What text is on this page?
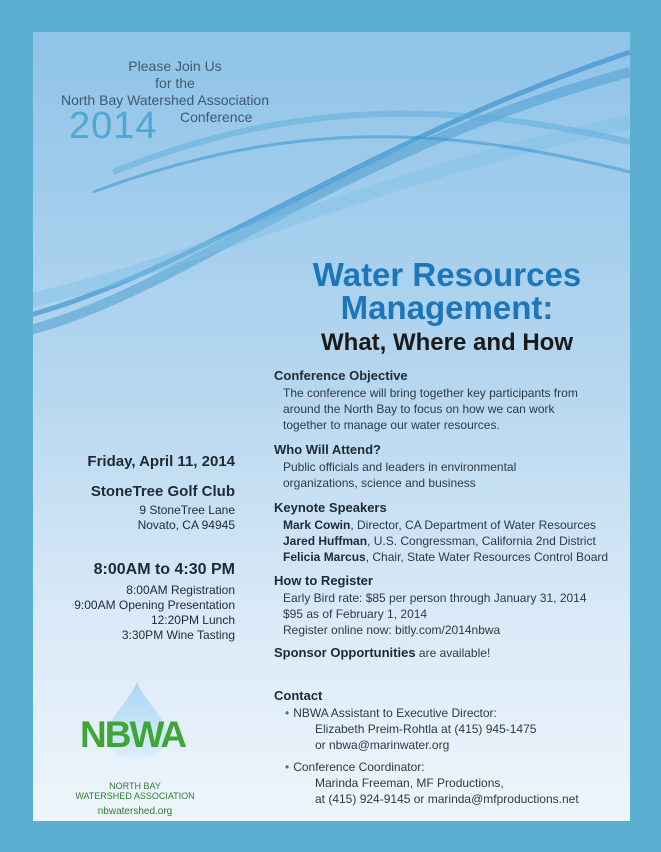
Please Join Us
for the
North Bay Watershed Association
2014 Conference
Water Resources
Management:
What, Where and How
Conference Objective
The conference will bring together key participants from
around the North Bay to focus on how we can work
together to manage our water resources.
Who Will Attend?
Public officials and leaders in environmental
organizations, science and business
Keynote Speakers
Mark Cowin, Director, CA Department of Water Resources
Jared Huffman, U.S. Congressman, California 2nd District
Felicia Marcus, Chair, State Water Resources Control Board
How to Register
Early Bird rate: $85 per person through January 31, 2014
$95 as of February 1, 2014
Register online now: bitly.com/2014nbwa
Sponsor Opportunities are available!
Contact
• NBWA Assistant to Executive Director:
Elizabeth Preim-Rohtla at (415) 945-1475
or nbwa@marinwater.org
• Conference Coordinator:
Marinda Freeman, MF Productions,
at (415) 924-9145 or marinda@mfproductions.net
Friday, April 11, 2014
StoneTree Golf Club
9 StoneTree Lane
Novato, CA 94945
8:00AM to 4:30 PM
8:00AM Registration
9:00AM Opening Presentation
12:20PM Lunch
3:30PM Wine Tasting
NBWA
NORTH BAY
WATERSHED ASSOCIATION
nbwatershed.org
